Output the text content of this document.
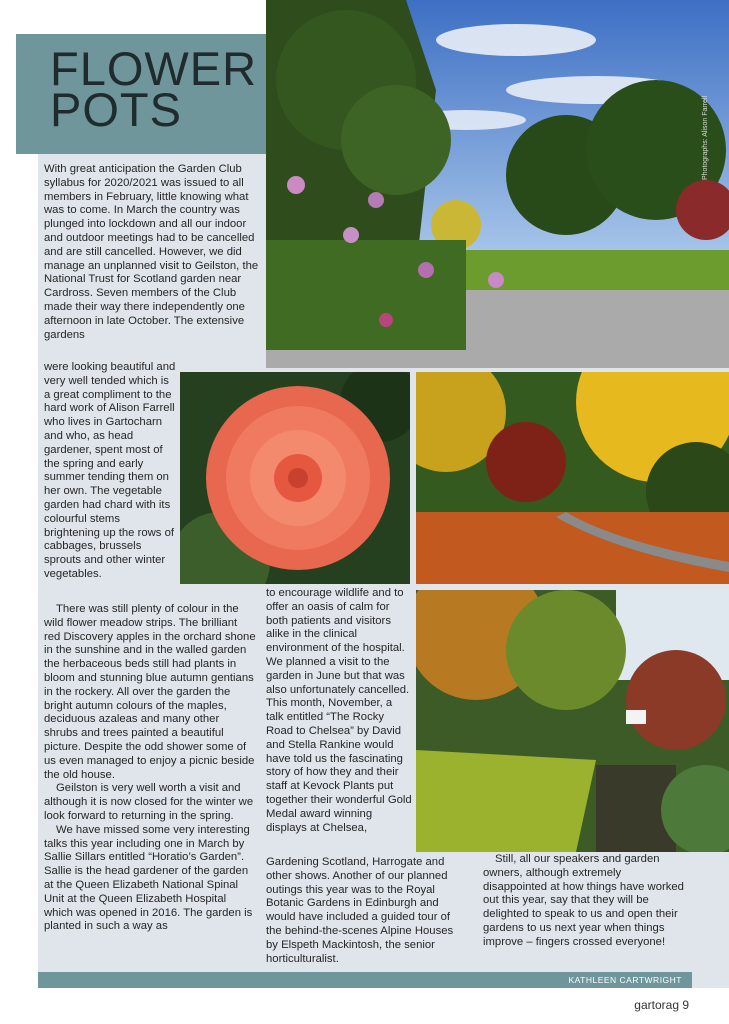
Photographs: Alison Farrell
FLOWER POTS

With great anticipation the Garden Club syllabus for 2020/2021 was issued to all members in February, little knowing what was to come. In March the country was plunged into lockdown and all our indoor and outdoor meetings had to be cancelled and are still cancelled. However, we did manage an unplanned visit to Geilston, the National Trust for Scotland garden near Cardross. Seven members of the Club made their way there independently one afternoon in late October. The extensive gardens

were looking beautiful and very well tended which is a great compliment to the hard work of Alison Farrell who lives in Gartocharn and who, as head gardener, spent most of the spring and early summer tending them on her own. The vegetable garden had chard with its colourful stems brightening up the rows of cabbages, brussels sprouts and other winter vegetables.

There was still plenty of colour in the wild flower meadow strips. The brilliant red Discovery apples in the orchard shone in the sunshine and in the walled garden the herbaceous beds still had plants in bloom and stunning blue autumn gentians in the rockery. All over the garden the bright autumn colours of the maples, deciduous azaleas and many other shrubs and trees painted a beautiful picture. Despite the odd shower some of us even managed to enjoy a picnic beside the old house.

Geilston is very well worth a visit and although it is now closed for the winter we look forward to returning in the spring.

We have missed some very interesting talks this year including one in March by Sallie Sillars entitled “Horatio’s Garden”. Sallie is the head gardener of the garden at the Queen Elizabeth National Spinal Unit at the Queen Elizabeth Hospital which was opened in 2016. The garden is planted in such a way as

to encourage wildlife and to offer an oasis of calm for both patients and visitors alike in the clinical environment of the hospital. We planned a visit to the garden in June but that was also unfortunately cancelled. This month, November, a talk entitled “The Rocky Road to Chelsea” by David and Stella Rankine would have told us the fascinating story of how they and their staff at Kevock Plants put together their wonderful Gold Medal award winning displays at Chelsea,

Gardening Scotland, Harrogate and other shows. Another of our planned outings this year was to the Royal Botanic Gardens in Edinburgh and would have included a guided tour of the behind-the-scenes Alpine Houses by Elspeth Mackintosh, the senior horticulturalist.

Still, all our speakers and garden owners, although extremely disappointed at how things have worked out this year, say that they will be delighted to speak to us and open their gardens to us next year when things improve – fingers crossed everyone!

KATHLEEN CARTWRIGHT
gartorag 9
